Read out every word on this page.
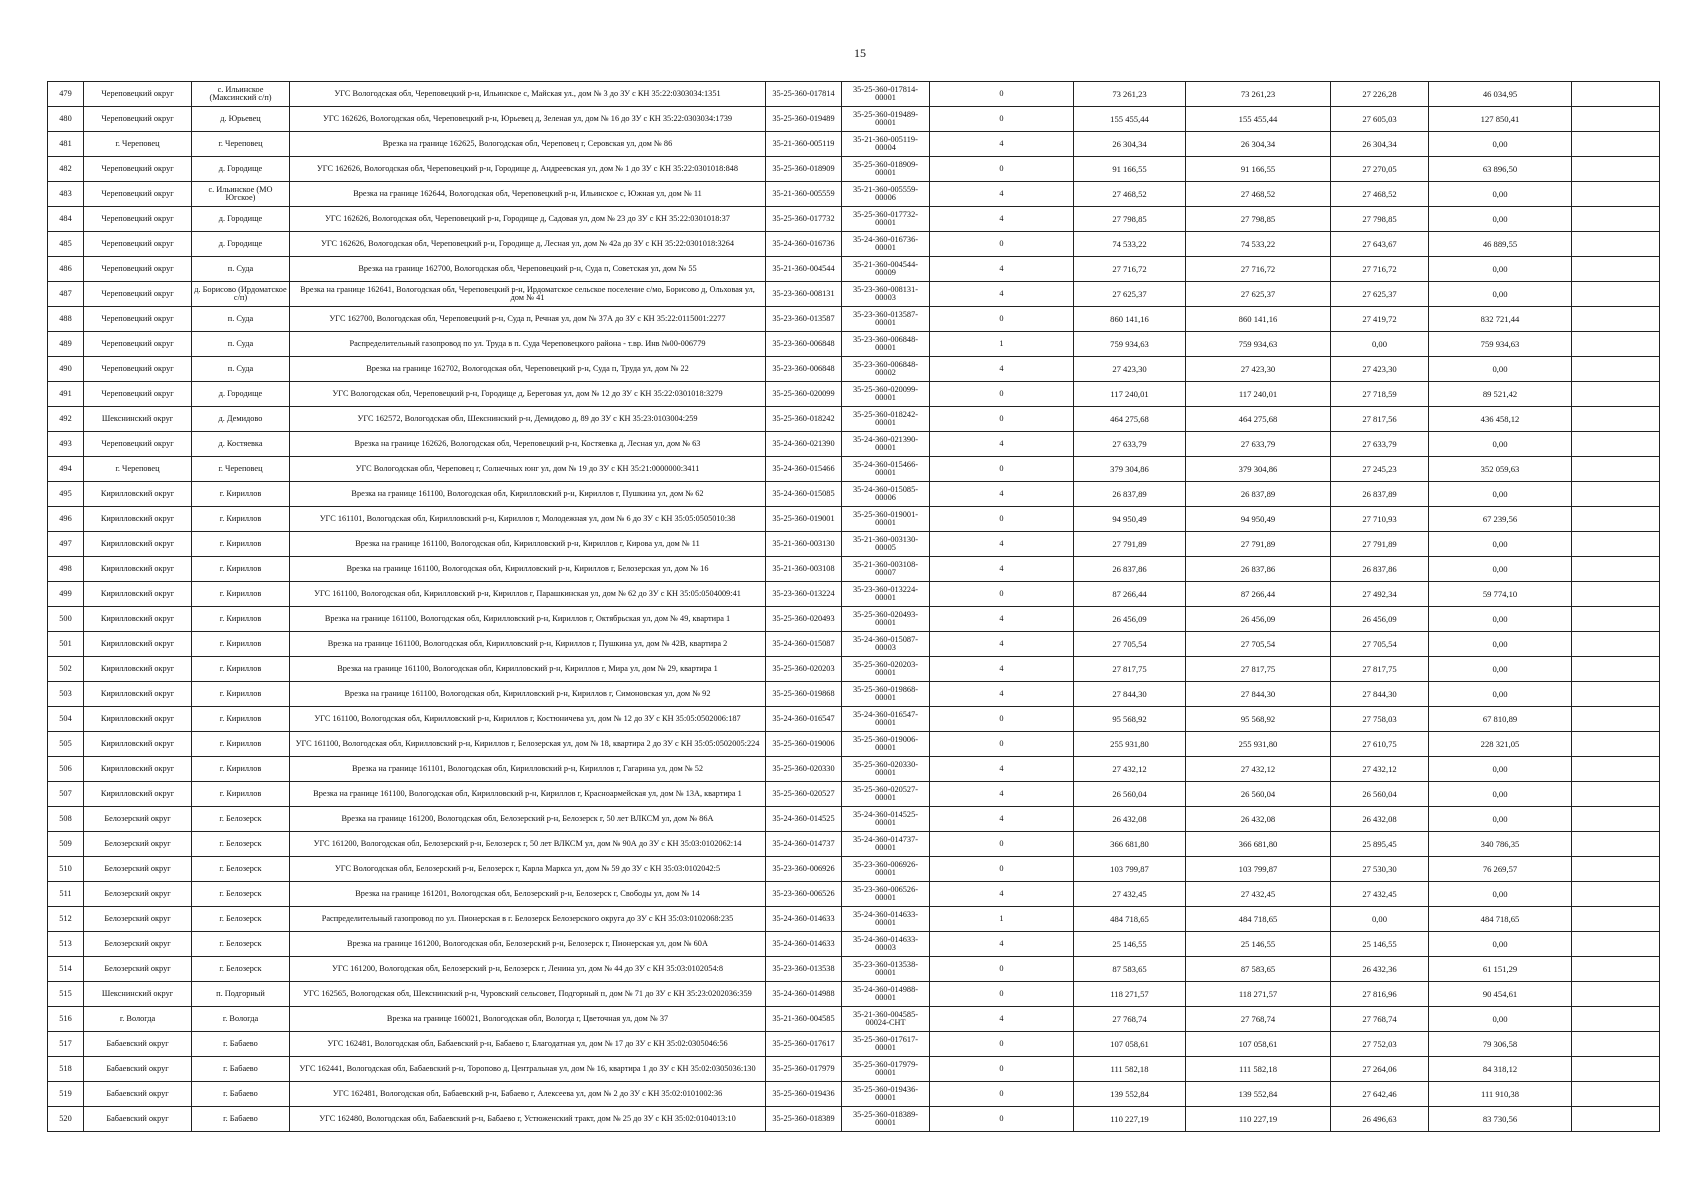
15
479	Череповецкий округ	с. Ильинское (Максинский с/п)	УГС Вологодская обл, Череповецкий р-н, Ильинское с, Майская ул., дом № 3 до ЗУ с КН 35:22:0303034:1351	35-25-360-017814	35-25-360-017814-00001	0	73 261,23	73 261,23	27 226,28	46 034,95	
480	Череповецкий округ	д. Юрьевец	УГС 162626, Вологодская обл, Череповецкий р-н, Юрьевец д, Зеленая ул, дом № 16 до ЗУ с КН 35:22:0303034:1739	35-25-360-019489	35-25-360-019489-00001	0	155 455,44	155 455,44	27 605,03	127 850,41	
481	г. Череповец	г. Череповец	Врезка на границе 162625, Вологодская обл, Череповец г, Серовская ул, дом № 86	35-21-360-005119	35-21-360-005119-00004	4	26 304,34	26 304,34	26 304,34	0,00	
482	Череповецкий округ	д. Городище	УГС 162626, Вологодская обл, Череповецкий р-н, Городище д, Андреевская ул, дом № 1 до ЗУ с КН 35:22:0301018:848	35-25-360-018909	35-25-360-018909-00001	0	91 166,55	91 166,55	27 270,05	63 896,50	
483	Череповецкий округ	с. Ильинское (МО Югское)	Врезка на границе 162644, Вологодская обл, Череповецкий р-н, Ильинское с, Южная ул, дом № 11	35-21-360-005559	35-21-360-005559-00006	4	27 468,52	27 468,52	27 468,52	0,00	
484	Череповецкий округ	д. Городище	УГС 162626, Вологодская обл, Череповецкий р-н, Городище д, Садовая ул, дом № 23 до ЗУ с КН 35:22:0301018:37	35-25-360-017732	35-25-360-017732-00001	4	27 798,85	27 798,85	27 798,85	0,00	
485	Череповецкий округ	д. Городище	УГС 162626, Вологодская обл, Череповецкий р-н, Городище д, Лесная ул, дом № 42а до ЗУ с КН 35:22:0301018:3264	35-24-360-016736	35-24-360-016736-00001	0	74 533,22	74 533,22	27 643,67	46 889,55	
486	Череповецкий округ	п. Суда	Врезка на границе 162700, Вологодская обл, Череповецкий р-н, Суда п, Советская ул, дом № 55	35-21-360-004544	35-21-360-004544-00009	4	27 716,72	27 716,72	27 716,72	0,00	
487	Череповецкий округ	д. Борисово (Ирдоматское с/п)	Врезка на границе 162641, Вологодская обл, Череповецкий р-н, Ирдоматское сельское поселение с/мо, Борисово д, Ольховая ул, дом № 41	35-23-360-008131	35-23-360-008131-00003	4	27 625,37	27 625,37	27 625,37	0,00	
488	Череповецкий округ	п. Суда	УГС 162700, Вологодская обл, Череповецкий р-н, Суда п, Речная ул, дом № 37А до ЗУ с КН 35:22:0115001:2277	35-23-360-013587	35-23-360-013587-00001	0	860 141,16	860 141,16	27 419,72	832 721,44	
489	Череповецкий округ	п. Суда	Распределительный газопровод по ул. Труда в п. Суда Череповецкого района - т.вр. Инв №00-006779	35-23-360-006848	35-23-360-006848-00001	1	759 934,63	759 934,63	0,00	759 934,63	
490	Череповецкий округ	п. Суда	Врезка на границе 162702, Вологодская обл, Череповецкий р-н, Суда п, Труда ул, дом № 22	35-23-360-006848	35-23-360-006848-00002	4	27 423,30	27 423,30	27 423,30	0,00	
491	Череповецкий округ	д. Городище	УГС Вологодская обл, Череповецкий р-н, Городище д, Береговая ул, дом № 12 до ЗУ с КН 35:22:0301018:3279	35-25-360-020099	35-25-360-020099-00001	0	117 240,01	117 240,01	27 718,59	89 521,42	
492	Шекснинский округ	д. Демидово	УГС 162572, Вологодская обл, Шекснинский р-н, Демидово д, 89 до ЗУ с КН 35:23:0103004:259	35-25-360-018242	35-25-360-018242-00001	0	464 275,68	464 275,68	27 817,56	436 458,12	
493	Череповецкий округ	д. Костяевка	Врезка на границе 162626, Вологодская обл, Череповецкий р-н, Костяевка д, Лесная ул, дом № 63	35-24-360-021390	35-24-360-021390-00001	4	27 633,79	27 633,79	27 633,79	0,00	
494	г. Череповец	г. Череповец	УГС Вологодская обл, Череповец г, Солнечных юнг ул, дом № 19 до ЗУ с КН 35:21:0000000:3411	35-24-360-015466	35-24-360-015466-00001	0	379 304,86	379 304,86	27 245,23	352 059,63	
495	Кирилловский округ	г. Кириллов	Врезка на границе 161100, Вологодская обл, Кирилловский р-н, Кириллов г, Пушкина ул, дом № 62	35-24-360-015085	35-24-360-015085-00006	4	26 837,89	26 837,89	26 837,89	0,00	
496	Кирилловский округ	г. Кириллов	УГС 161101, Вологодская обл, Кирилловский р-н, Кириллов г, Молодежная ул, дом № 6 до ЗУ с КН 35:05:0505010:38	35-25-360-019001	35-25-360-019001-00001	0	94 950,49	94 950,49	27 710,93	67 239,56	
497	Кирилловский округ	г. Кириллов	Врезка на границе 161100, Вологодская обл, Кирилловский р-н, Кириллов г, Кирова ул, дом № 11	35-21-360-003130	35-21-360-003130-00005	4	27 791,89	27 791,89	27 791,89	0,00	
498	Кирилловский округ	г. Кириллов	Врезка на границе 161100, Вологодская обл, Кирилловский р-н, Кириллов г, Белозерская ул, дом № 16	35-21-360-003108	35-21-360-003108-00007	4	26 837,86	26 837,86	26 837,86	0,00	
499	Кирилловский округ	г. Кириллов	УГС 161100, Вологодская обл, Кирилловский р-н, Кириллов г, Парашкинская ул, дом № 62 до ЗУ с КН 35:05:0504009:41	35-23-360-013224	35-23-360-013224-00001	0	87 266,44	87 266,44	27 492,34	59 774,10	
500	Кирилловский округ	г. Кириллов	Врезка на границе 161100, Вологодская обл, Кирилловский р-н, Кириллов г, Октябрьская ул, дом № 49, квартира 1	35-25-360-020493	35-25-360-020493-00001	4	26 456,09	26 456,09	26 456,09	0,00	
501	Кирилловский округ	г. Кириллов	Врезка на границе 161100, Вологодская обл, Кирилловский р-н, Кириллов г, Пушкина ул, дом № 42В, квартира 2	35-24-360-015087	35-24-360-015087-00003	4	27 705,54	27 705,54	27 705,54	0,00	
502	Кирилловский округ	г. Кириллов	Врезка на границе 161100, Вологодская обл, Кирилловский р-н, Кириллов г, Мира ул, дом № 29, квартира 1	35-25-360-020203	35-25-360-020203-00001	4	27 817,75	27 817,75	27 817,75	0,00	
503	Кирилловский округ	г. Кириллов	Врезка на границе 161100, Вологодская обл, Кирилловский р-н, Кириллов г, Симоновская ул, дом № 92	35-25-360-019868	35-25-360-019868-00001	4	27 844,30	27 844,30	27 844,30	0,00	
504	Кирилловский округ	г. Кириллов	УГС 161100, Вологодская обл, Кирилловский р-н, Кириллов г, Костюничева ул, дом № 12 до ЗУ с КН 35:05:0502006:187	35-24-360-016547	35-24-360-016547-00001	0	95 568,92	95 568,92	27 758,03	67 810,89	
505	Кирилловский округ	г. Кириллов	УГС 161100, Вологодская обл, Кирилловский р-н, Кириллов г, Белозерская ул, дом № 18, квартира 2 до ЗУ с КН 35:05:0502005:224	35-25-360-019006	35-25-360-019006-00001	0	255 931,80	255 931,80	27 610,75	228 321,05	
506	Кирилловский округ	г. Кириллов	Врезка на границе 161101, Вологодская обл, Кирилловский р-н, Кириллов г, Гагарина ул, дом № 52	35-25-360-020330	35-25-360-020330-00001	4	27 432,12	27 432,12	27 432,12	0,00	
507	Кирилловский округ	г. Кириллов	Врезка на границе 161100, Вологодская обл, Кирилловский р-н, Кириллов г, Красноармейская ул, дом № 13А, квартира 1	35-25-360-020527	35-25-360-020527-00001	4	26 560,04	26 560,04	26 560,04	0,00	
508	Белозерский округ	г. Белозерск	Врезка на границе 161200, Вологодская обл, Белозерский р-н, Белозерск г, 50 лет ВЛКСМ ул, дом № 86А	35-24-360-014525	35-24-360-014525-00001	4	26 432,08	26 432,08	26 432,08	0,00	
509	Белозерский округ	г. Белозерск	УГС 161200, Вологодская обл, Белозерский р-н, Белозерск г, 50 лет ВЛКСМ ул, дом № 90А до ЗУ с КН 35:03:0102062:14	35-24-360-014737	35-24-360-014737-00001	0	366 681,80	366 681,80	25 895,45	340 786,35	
510	Белозерский округ	г. Белозерск	УГС Вологодская обл, Белозерский р-н, Белозерск г, Карла Маркса ул, дом № 59 до ЗУ с КН 35:03:0102042:5	35-23-360-006926	35-23-360-006926-00001	0	103 799,87	103 799,87	27 530,30	76 269,57	
511	Белозерский округ	г. Белозерск	Врезка на границе 161201, Вологодская обл, Белозерский р-н, Белозерск г, Свободы ул, дом № 14	35-23-360-006526	35-23-360-006526-00001	4	27 432,45	27 432,45	27 432,45	0,00	
512	Белозерский округ	г. Белозерск	Распределительный газопровод по ул. Пионерская в г. Белозерск Белозерского округа до ЗУ с КН 35:03:0102068:235	35-24-360-014633	35-24-360-014633-00001	1	484 718,65	484 718,65	0,00	484 718,65	
513	Белозерский округ	г. Белозерск	Врезка на границе 161200, Вологодская обл, Белозерский р-н, Белозерск г, Пионерская ул, дом № 60А	35-24-360-014633	35-24-360-014633-00003	4	25 146,55	25 146,55	25 146,55	0,00	
514	Белозерский округ	г. Белозерск	УГС 161200, Вологодская обл, Белозерский р-н, Белозерск г, Ленина ул, дом № 44 до ЗУ с КН 35:03:0102054:8	35-23-360-013538	35-23-360-013538-00001	0	87 583,65	87 583,65	26 432,36	61 151,29	
515	Шекснинский округ	п. Подгорный	УГС 162565, Вологодская обл, Шекснинский р-н, Чуровский сельсовет, Подгорный п, дом № 71 до ЗУ с КН 35:23:0202036:359	35-24-360-014988	35-24-360-014988-00001	0	118 271,57	118 271,57	27 816,96	90 454,61	
516	г. Вологда	г. Вологда	Врезка на границе 160021, Вологодская обл, Вологда г, Цветочная ул, дом № 37	35-21-360-004585	35-21-360-004585-00024-СНТ	4	27 768,74	27 768,74	27 768,74	0,00	
517	Бабаевский округ	г. Бабаево	УГС 162481, Вологодская обл, Бабаевский р-н, Бабаево г, Благодатная ул, дом № 17 до ЗУ с КН 35:02:0305046:56	35-25-360-017617	35-25-360-017617-00001	0	107 058,61	107 058,61	27 752,03	79 306,58	
518	Бабаевский округ	г. Бабаево	УГС 162441, Вологодская обл, Бабаевский р-н, Торопово д, Центральная ул, дом № 16, квартира 1 до ЗУ с КН 35:02:0305036:130	35-25-360-017979	35-25-360-017979-00001	0	111 582,18	111 582,18	27 264,06	84 318,12	
519	Бабаевский округ	г. Бабаево	УГС 162481, Вологодская обл, Бабаевский р-н, Бабаево г, Алексеева ул, дом № 2 до ЗУ с КН 35:02:0101002:36	35-25-360-019436	35-25-360-019436-00001	0	139 552,84	139 552,84	27 642,46	111 910,38	
520	Бабаевский округ	г. Бабаево	УГС 162480, Вологодская обл, Бабаевский р-н, Бабаево г, Устюженский тракт, дом № 25 до ЗУ с КН 35:02:0104013:10	35-25-360-018389	35-25-360-018389-00001	0	110 227,19	110 227,19	26 496,63	83 730,56	
